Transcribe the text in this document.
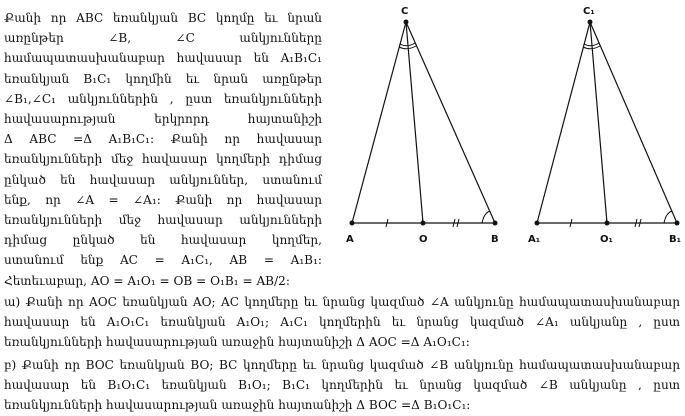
Քանի որ ABC եռանկյան BC կողմը եւ նրան

առընթեր ∠B, ∠C անկյունները

համապատասխանաբար հավասար են A₁B₁C₁

եռանկյան B₁C₁ կողմին եւ նրան առընթեր

∠B₁,∠C₁ անկյուններին , ըստ եռանկյունների

հավասարության երկրորդ հայտանիշի

Δ ABC =Δ A₁B₁C₁: Քանի որ հավասար

եռանկյունների մեջ հավասար կողմերի դիմաց

ընկած են հավասար անկյուններ, ստանում

ենք, որ ∠A = ∠A₁: Քանի որ հավասար

եռանկյունների մեջ հավասար անկյունների

դիմաց ընկած են հավասար կողմեր,

ստանում ենք AC = A₁C₁, AB = A₁B₁:

Հետեւաբար, AO = A₁O₁ = OB = O₁B₁ = AB/2:

C
A	O	B
C₁
A₁	O₁	B₁

ա) Քանի որ AOC եռանկյան AO; AC կողմերը եւ նրանց կազմած ∠A անկյունը համապատասխանաբար

հավասար են A₁O₁C₁ եռանկյան A₁O₁; A₁C₁ կողմերին եւ նրանց կազմած ∠A₁ անկյանը , ըստ

եռանկյունների հավասարության առաջին հայտանիշի Δ AOC =Δ A₁O₁C₁:

բ) Քանի որ BOC եռանկյան BO; BC կողմերը եւ նրանց կազմած ∠B անկյունը համապատասխանաբար

հավասար են B₁O₁C₁ եռանկյան B₁O₁; B₁C₁ կողմերին եւ նրանց կազմած ∠B անկյանը , ըստ

եռանկյունների հավասարության առաջին հայտանիշի Δ BOC =Δ B₁O₁C₁:
